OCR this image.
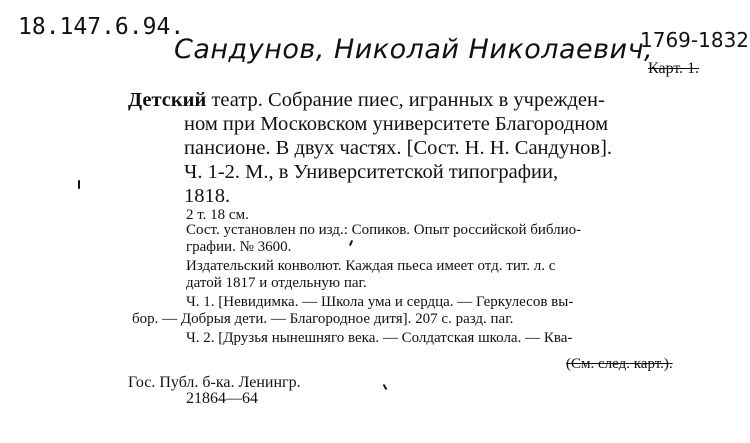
18.147.6.94.
Сандунов, Николай Николаевич,
1769-1832
Карт. 1.
Детский театр. Собрание пиес, игранных в учрежден-
ном при Московском университете Благородном
пансионе. В двух частях. [Сост. Н. Н. Сандунов].
Ч. 1-2. М., в Университетской типографии,
1818.
2 т. 18 см.
Сост. установлен по изд.: Сопиков. Опыт российской библио-
графии. № 3600.
Издательский конволют. Каждая пьеса имеет отд. тит. л. с
датой 1817 и отдельную паг.
Ч. 1. [Невидимка. — Школа ума и сердца. — Геркулесов вы-
бор. — Добрыя дети. — Благородное дитя]. 207 с. разд. паг.
Ч. 2. [Друзья нынешняго века. — Солдатская школа. — Ква-
(См. след. карт.).
Гос. Публ. б-ка. Ленингр.
21864—64
